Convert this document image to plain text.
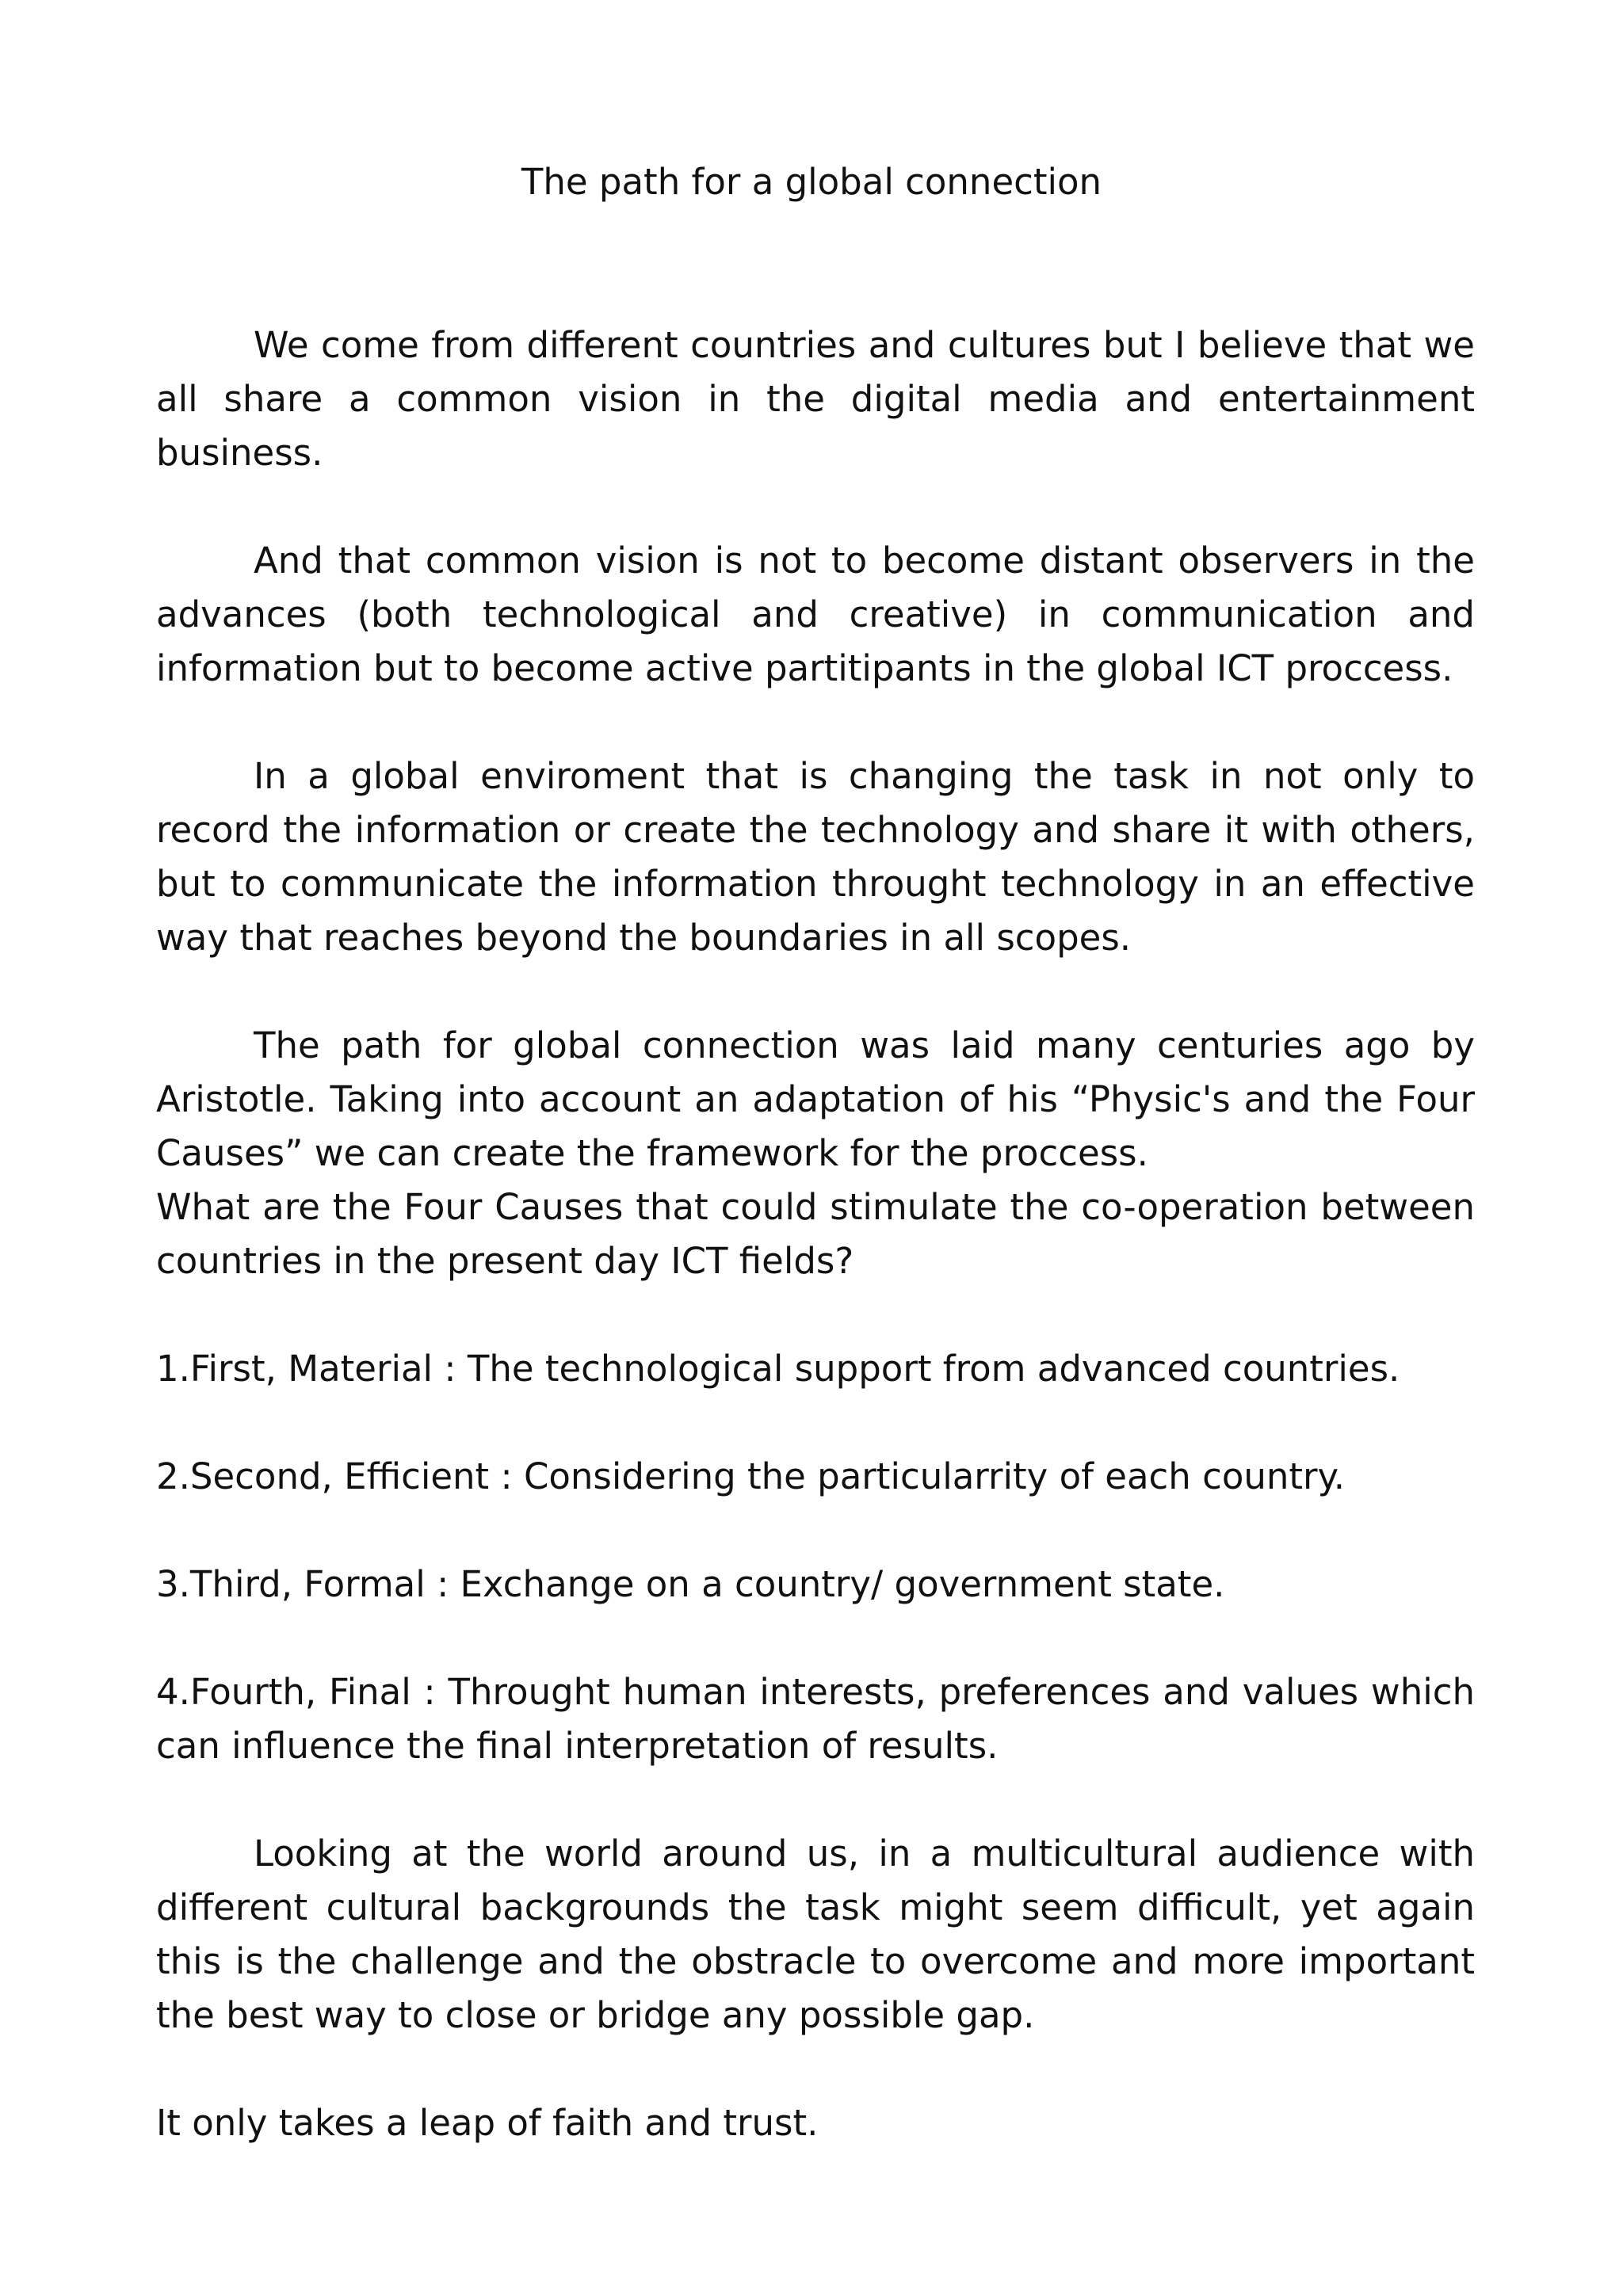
The path for a global connection

We come from different countries and cultures but I believe that we all share a common vision in the digital media and entertainment business.

And that common vision is not to become distant observers in the advances (both technological and creative) in communication and information but to become active partitipants in the global ICT proccess.

In a global enviroment that is changing the task in not only to record the information or create the technology and share it with others, but to communicate the information throught technology in an effective way that reaches beyond the boundaries in all scopes.

The path for global connection was laid many centuries ago by Aristotle. Taking into account an adaptation of his “Physic's and the Four Causes” we can create the framework for the proccess.

What are the Four Causes that could stimulate the co-operation between countries in the present day ICT fields?

1.First, Material : The technological support from advanced countries.

2.Second, Efficient : Considering the particularrity of each country.

3.Third, Formal : Exchange on a country/ government state.

4.Fourth, Final : Throught human interests, preferences and values which can influence the final interpretation of results.

Looking at the world around us, in a multicultural audience with different cultural backgrounds the task might seem difficult, yet again this is the challenge and the obstracle to overcome and more important the best way to close or bridge any possible gap.

It only takes a leap of faith and trust.
